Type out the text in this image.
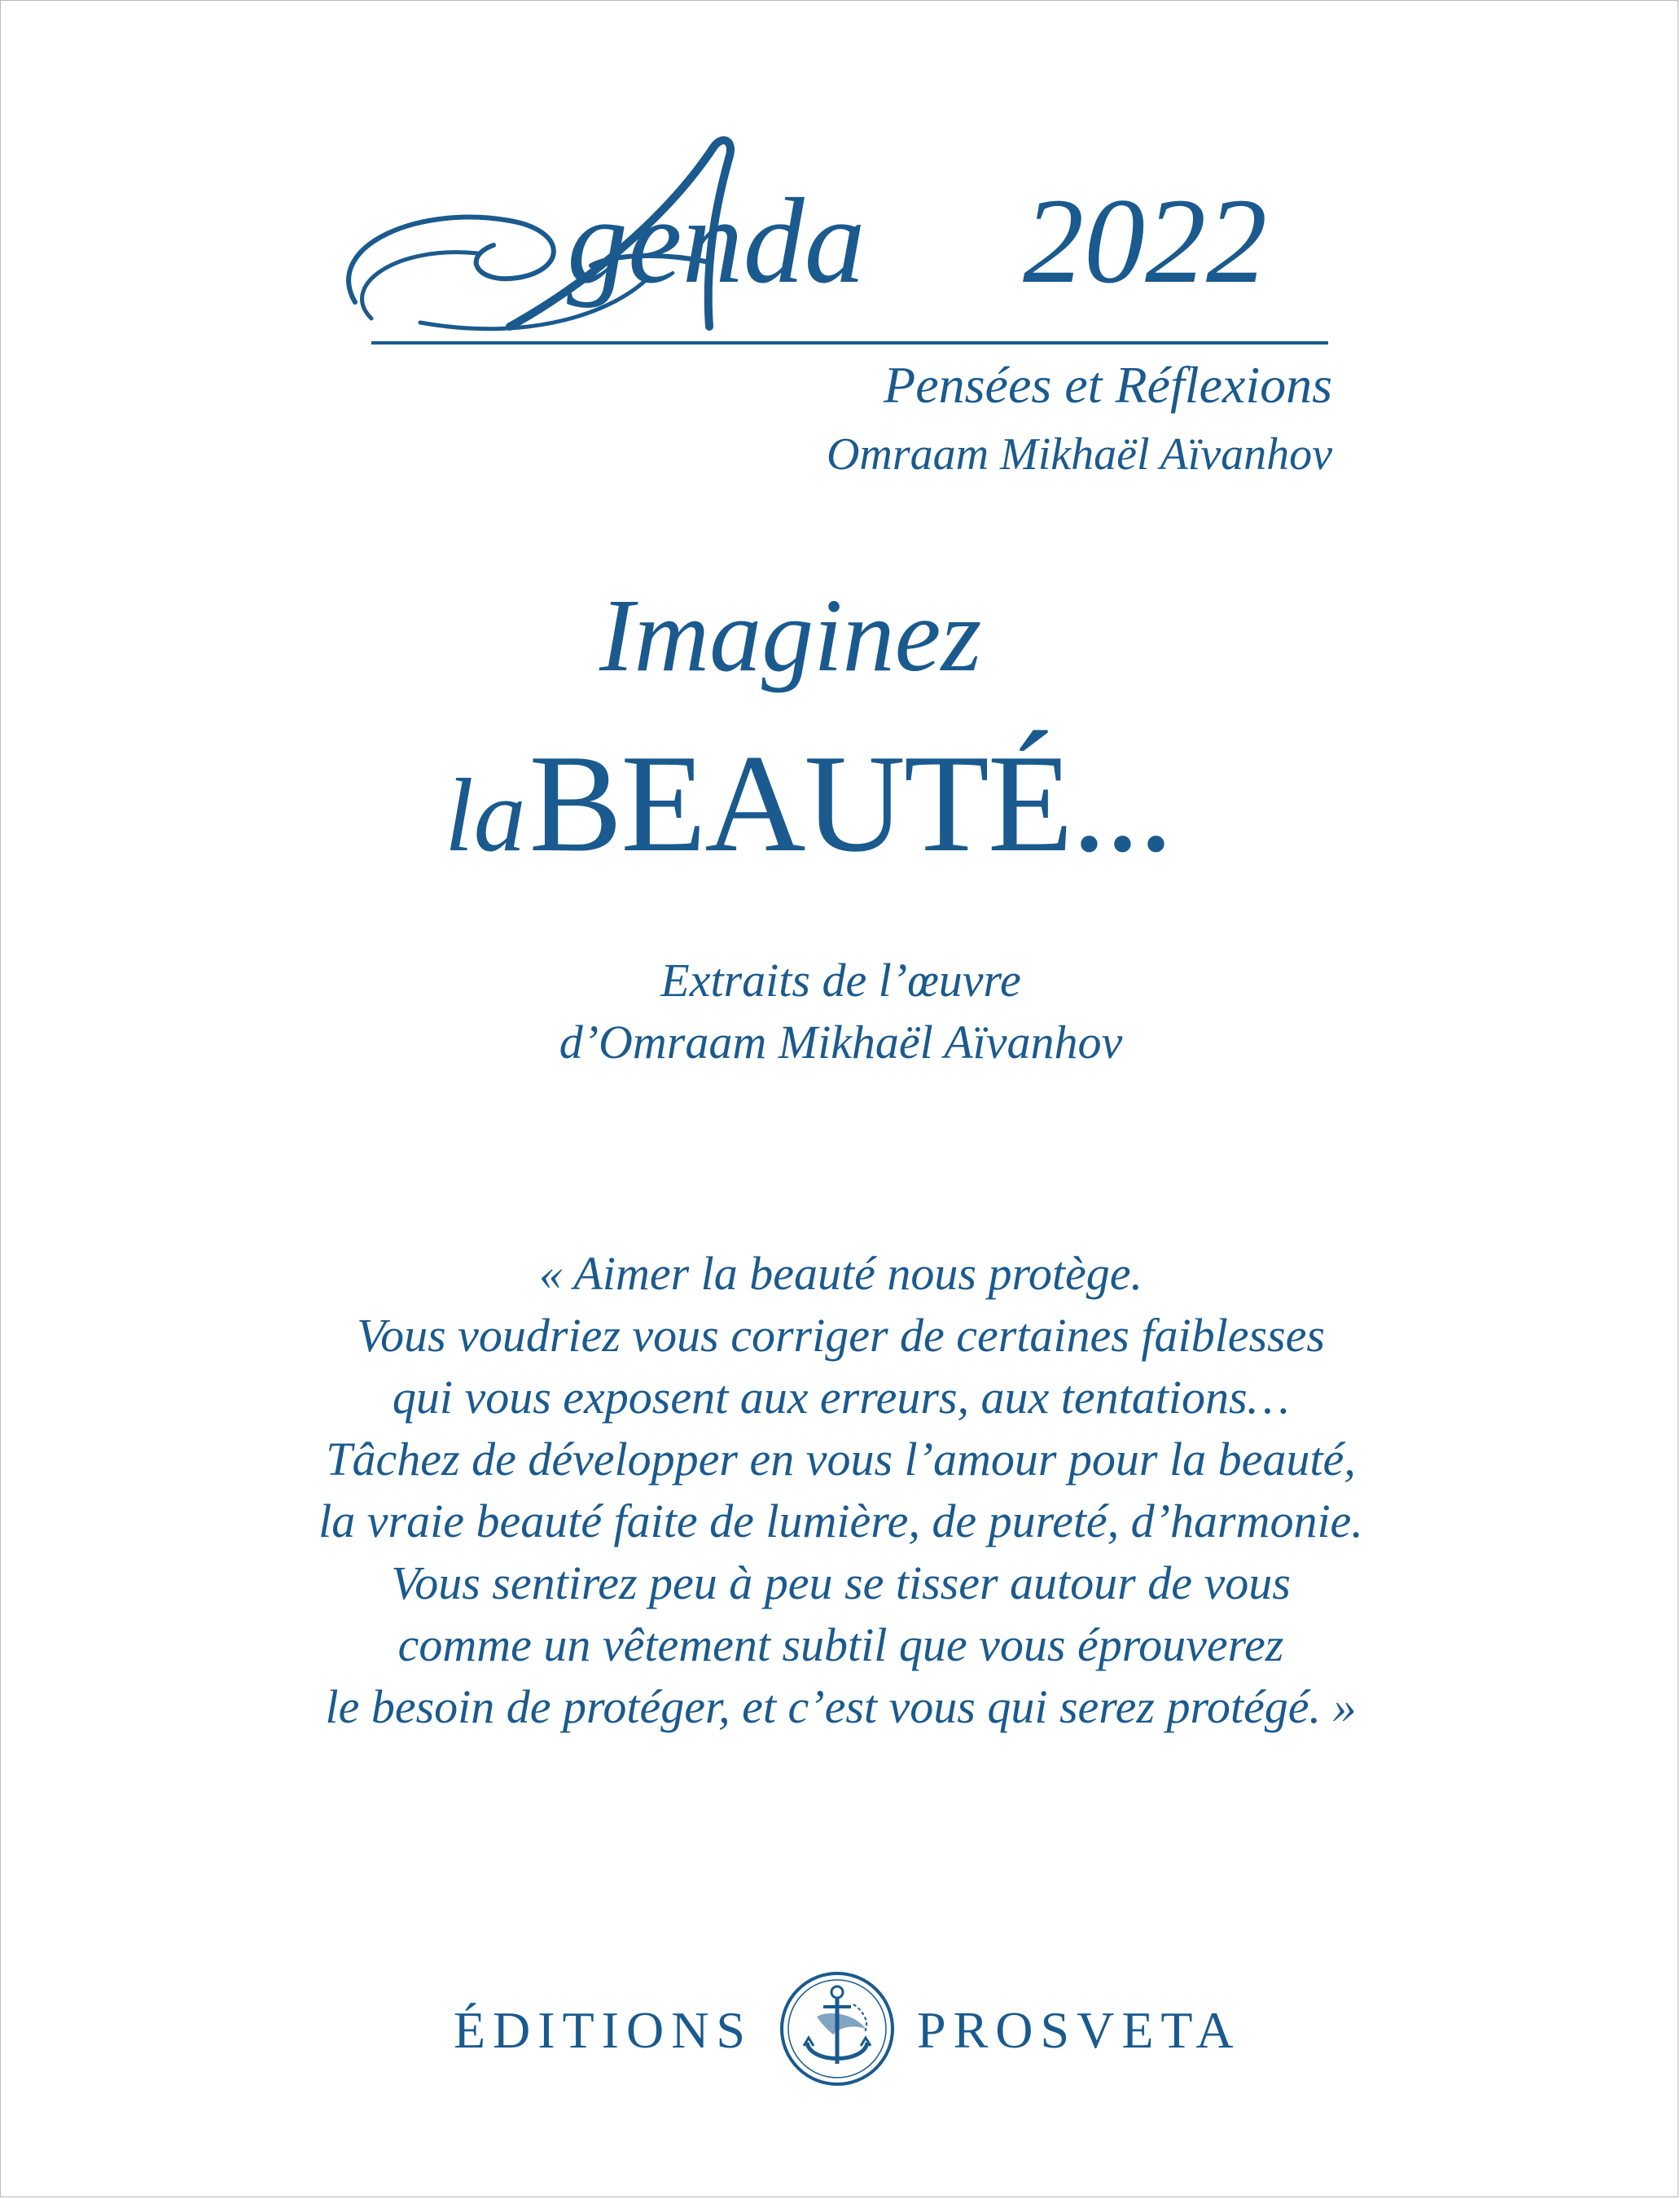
genda 2022
Pensées et Réflexions
Omraam Mikhaël Aïvanhov
Imaginez
la BEAUTÉ...
Extraits de l’œuvre
d’Omraam Mikhaël Aïvanhov
« Aimer la beauté nous protège.
Vous voudriez vous corriger de certaines faiblesses
qui vous exposent aux erreurs, aux tentations…
Tâchez de développer en vous l’amour pour la beauté,
la vraie beauté faite de lumière, de pureté, d’harmonie.
Vous sentirez peu à peu se tisser autour de vous
comme un vêtement subtil que vous éprouverez
le besoin de protéger, et c’est vous qui serez protégé. »
ÉDITIONS	PROSVETA
